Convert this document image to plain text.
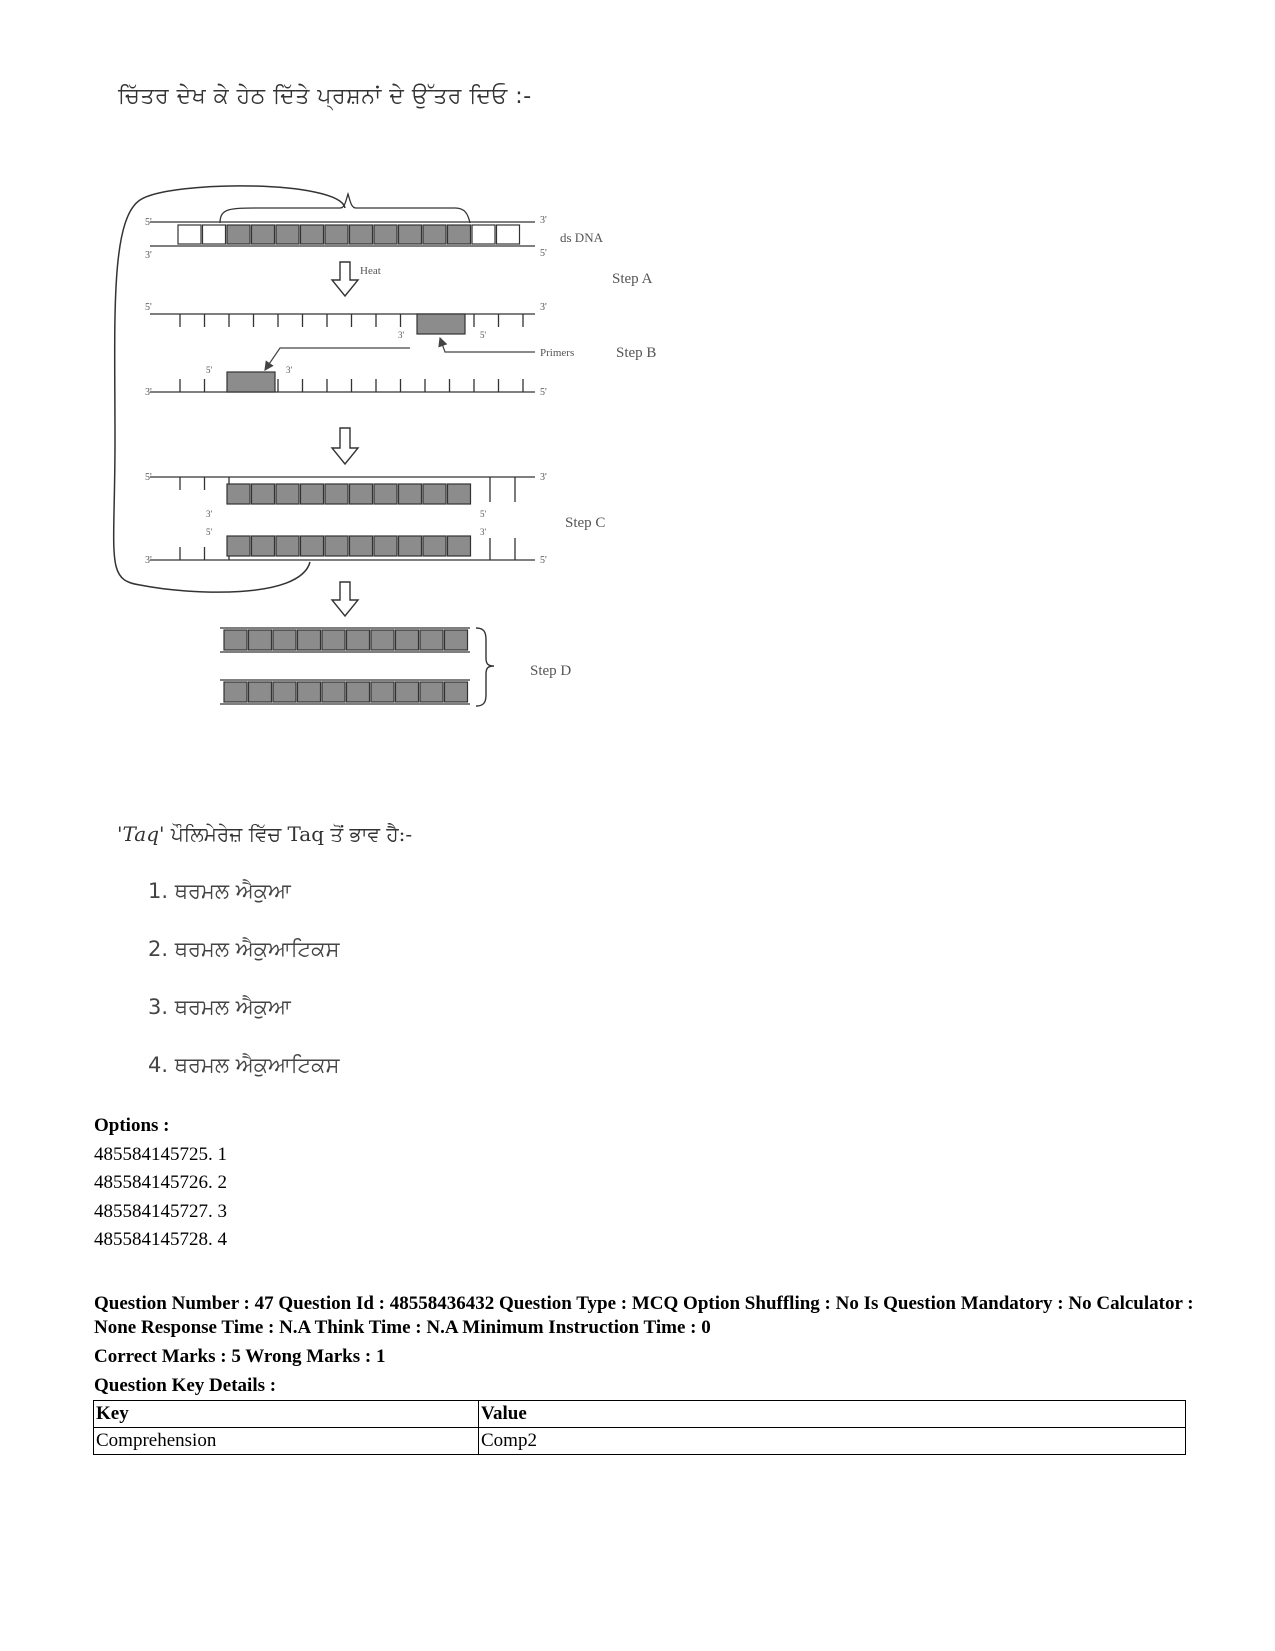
ਚਿੱਤਰ ਦੇਖ ਕੇ ਹੇਠ ਦਿੱਤੇ ਪ੍ਰਸ਼ਨਾਂ ਦੇ ਉੱਤਰ ਦਿਓ :-
5'
3'
3'
5'
ds DNA
5'	3'
3'	5'
3'	5'
5'	3'
5'	3'
3'	5'
3'
5'
5'
3'
Heat
Primers
Step A
Step B
Step C
Step D
'Taq' ਪੌਲਿਮੇਰੇਜ਼ ਵਿੱਚ Taq ਤੋਂ ਭਾਵ ਹੈ:-
1. ਥਰਮਲ ਐਕੁਆ
2. ਥਰਮਲ ਐਕੁਆਟਿਕਸ
3. ਥਰਮਲ ਐਕੁਆ
4. ਥਰਮਲ ਐਕੁਆਟਿਕਸ
Options :
485584145725. 1
485584145726. 2
485584145727. 3
485584145728. 4
Question Number : 47 Question Id : 48558436432 Question Type : MCQ Option Shuffling : No Is Question Mandatory : No Calculator : None Response Time : N.A Think Time : N.A Minimum Instruction Time : 0
Correct Marks : 5 Wrong Marks : 1
Question Key Details :
Key	Value
Comprehension	Comp2
